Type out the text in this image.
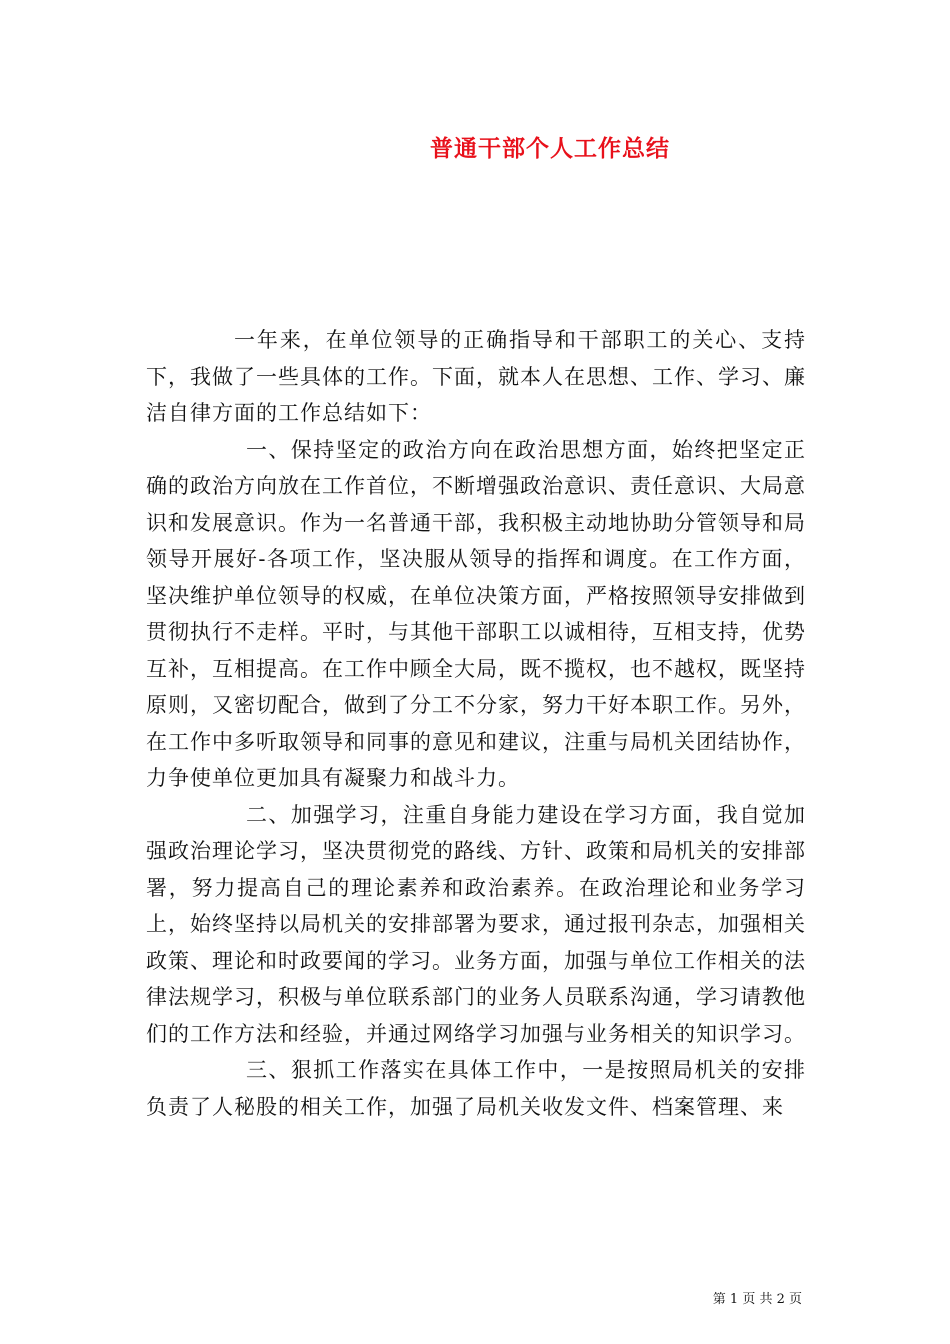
普通干部个人工作总结

一年来，在单位领导的正确指导和干部职工的关心、支持下，我做了一些具体的工作。下面，就本人在思想、工作、学习、廉洁自律方面的工作总结如下：

一、保持坚定的政治方向在政治思想方面，始终把坚定正确的政治方向放在工作首位，不断增强政治意识、责任意识、大局意识和发展意识。作为一名普通干部，我积极主动地协助分管领导和局领导开展好-各项工作，坚决服从领导的指挥和调度。在工作方面，坚决维护单位领导的权威，在单位决策方面，严格按照领导安排做到贯彻执行不走样。平时，与其他干部职工以诚相待，互相支持，优势互补，互相提高。在工作中顾全大局，既不揽权，也不越权，既坚持原则，又密切配合，做到了分工不分家，努力干好本职工作。另外，在工作中多听取领导和同事的意见和建议，注重与局机关团结协作，力争使单位更加具有凝聚力和战斗力。

二、加强学习，注重自身能力建设在学习方面，我自觉加强政治理论学习，坚决贯彻党的路线、方针、政策和局机关的安排部署，努力提高自己的理论素养和政治素养。在政治理论和业务学习上，始终坚持以局机关的安排部署为要求，通过报刊杂志，加强相关政策、理论和时政要闻的学习。业务方面，加强与单位工作相关的法律法规学习，积极与单位联系部门的业务人员联系沟通，学习请教他们的工作方法和经验，并通过网络学习加强与业务相关的知识学习。

三、狠抓工作落实在具体工作中，一是按照局机关的安排负责了人秘股的相关工作，加强了局机关收发文件、档案管理、来

第 1 页 共 2 页
